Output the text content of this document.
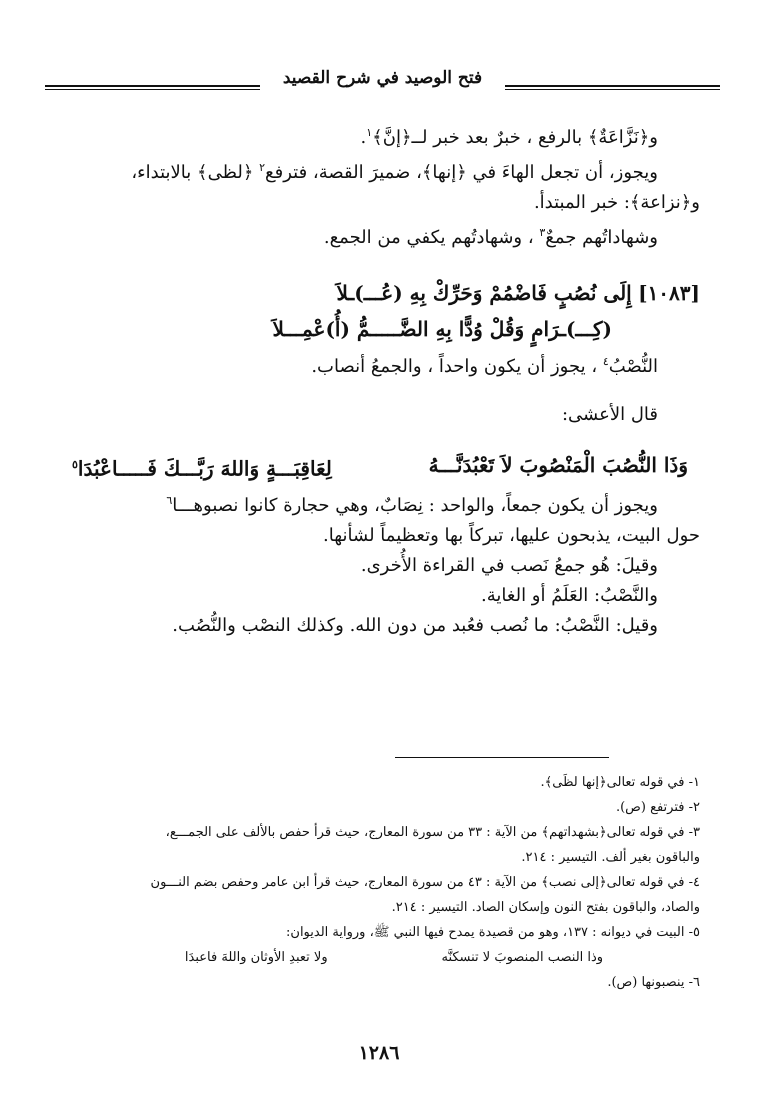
فتح الوصيد في شرح القصيد

و﴿نَزَّاعَةٌ﴾ بالرفع ، خبرٌ بعد خبر لــ﴿إنَّ﴾$^١$.

ويجوز، أن تجعل الهاءَ في ﴿إنها﴾، ضميرَ القصة، فترفع$^٢$ ﴿لظى﴾ بالابتداء،

و﴿نزاعة﴾: خبر المبتدأ.

وشهاداتُهم جمعٌ$^٣$ ، وشهادتُهم يكفي من الجمع.

[١٠٨٣] إِلَى نُصُبٍ فَاضْمُمْ وَحَرِّكْ بِهِ (عُـــ)ـلاَ

(كِـــ)ـرَامٍ وَقُلْ وُدًّا بِهِ الضَّـــــمُّ (أُ)عْمِـــلاَ

النُّصْبُ$^٤$ ، يجوز أن يكون واحداً ، والجمعُ أنصاب.

قال الأعشى:

وَذَا النُّصُبَ الْمَنْصُوبَ لاَ تَعْبُدَنَّـــهُ
لِعَاقِبَـــةٍ وَاللهَ رَبَّـــكَ فَـــــاعْبُدَا$^٥$

ويجوز أن يكون جمعاً، والواحد : نِصَابٌ، وهي حجارة كانوا نصبوهـــا$^٦$

حول البيت، يذبحون عليها، تبركاً بها وتعظيماً لشأنها.

وقيلَ: هُو جمعُ نَصب في القراءة الأُخرى.

والنَّصْبُ: العَلَمُ أو الغاية.

وقيل: النَّصْبُ: ما نُصب فعُبد من دون الله. وكذلك النصْب والنُّصُب.

١- في قوله تعالى﴿إنها لظَى﴾.

٢- فترتفع (ص).

٣- في قوله تعالى﴿بشهداتهم﴾ من الآية : ٣٣ من سورة المعارج، حيث قرأ حفص بالألف على الجمـــع،

والباقون بغير ألف. التيسير : ٢١٤.

٤- في قوله تعالى﴿إلى نصب﴾ من الآية : ٤٣ من سورة المعارج، حيث قرأ ابن عامر وحفص بضم النـــون

والصاد، والباقون بفتح النون وإسكان الصاد. التيسير : ٢١٤.

٥- البيت في ديوانه : ١٣٧، وهو من قصيدة يمدح فيها النبي ﷺ، ورواية الديوان:

وذا النصب المنصوبَ لا تنسكنَّه
ولا تعبدِ الأوثان واللهَ فاعبدَا

٦- ينصبونها (ص).

١٢٨٦
